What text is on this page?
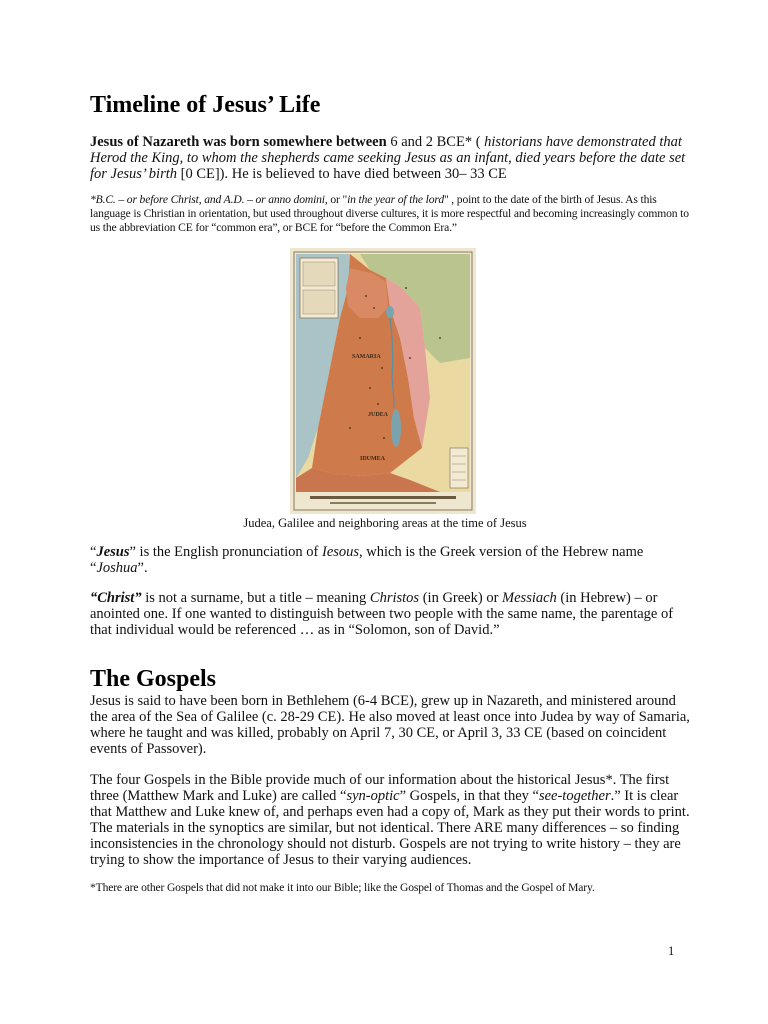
Timeline of Jesus’ Life

Jesus of Nazareth was born somewhere between 6 and 2 BCE* ( historians have demonstrated that Herod the King, to whom the shepherds came seeking Jesus as an infant, died years before the date set for Jesus’ birth [0 CE]). He is believed to have died between 30– 33 CE

*B.C. – or before Christ, and A.D. – or anno domini, or "in the year of the lord" , point to the date of the birth of Jesus. As this language is Christian in orientation, but used throughout diverse cultures, it is more respectful and becoming increasingly common to us the abbreviation CE for “common era”, or BCE for “before the Common Era.”

SAMARIA
JUDEA
IDUMEA
Judea, Galilee and neighboring areas at the time of Jesus

“Jesus” is the English pronunciation of Iesous, which is the Greek version of the Hebrew name “Joshua”.

“Christ” is not a surname, but a title – meaning Christos (in Greek) or Messiach (in Hebrew) – or anointed one. If one wanted to distinguish between two people with the same name, the parentage of that individual would be referenced … as in “Solomon, son of David.”

The Gospels

Jesus is said to have been born in Bethlehem (6-4 BCE), grew up in Nazareth, and ministered around the area of the Sea of Galilee (c. 28-29 CE). He also moved at least once into Judea by way of Samaria, where he taught and was killed, probably on April 7, 30 CE, or April 3, 33 CE (based on coincident events of Passover).

The four Gospels in the Bible provide much of our information about the historical Jesus*. The first three (Matthew Mark and Luke) are called “syn-optic” Gospels, in that they “see-together.” It is clear that Matthew and Luke knew of, and perhaps even had a copy of, Mark as they put their words to print. The materials in the synoptics are similar, but not identical. There ARE many differences – so finding inconsistencies in the chronology should not disturb. Gospels are not trying to write history – they are trying to show the importance of Jesus to their varying audiences.

*There are other Gospels that did not make it into our Bible; like the Gospel of Thomas and the Gospel of Mary.

1
